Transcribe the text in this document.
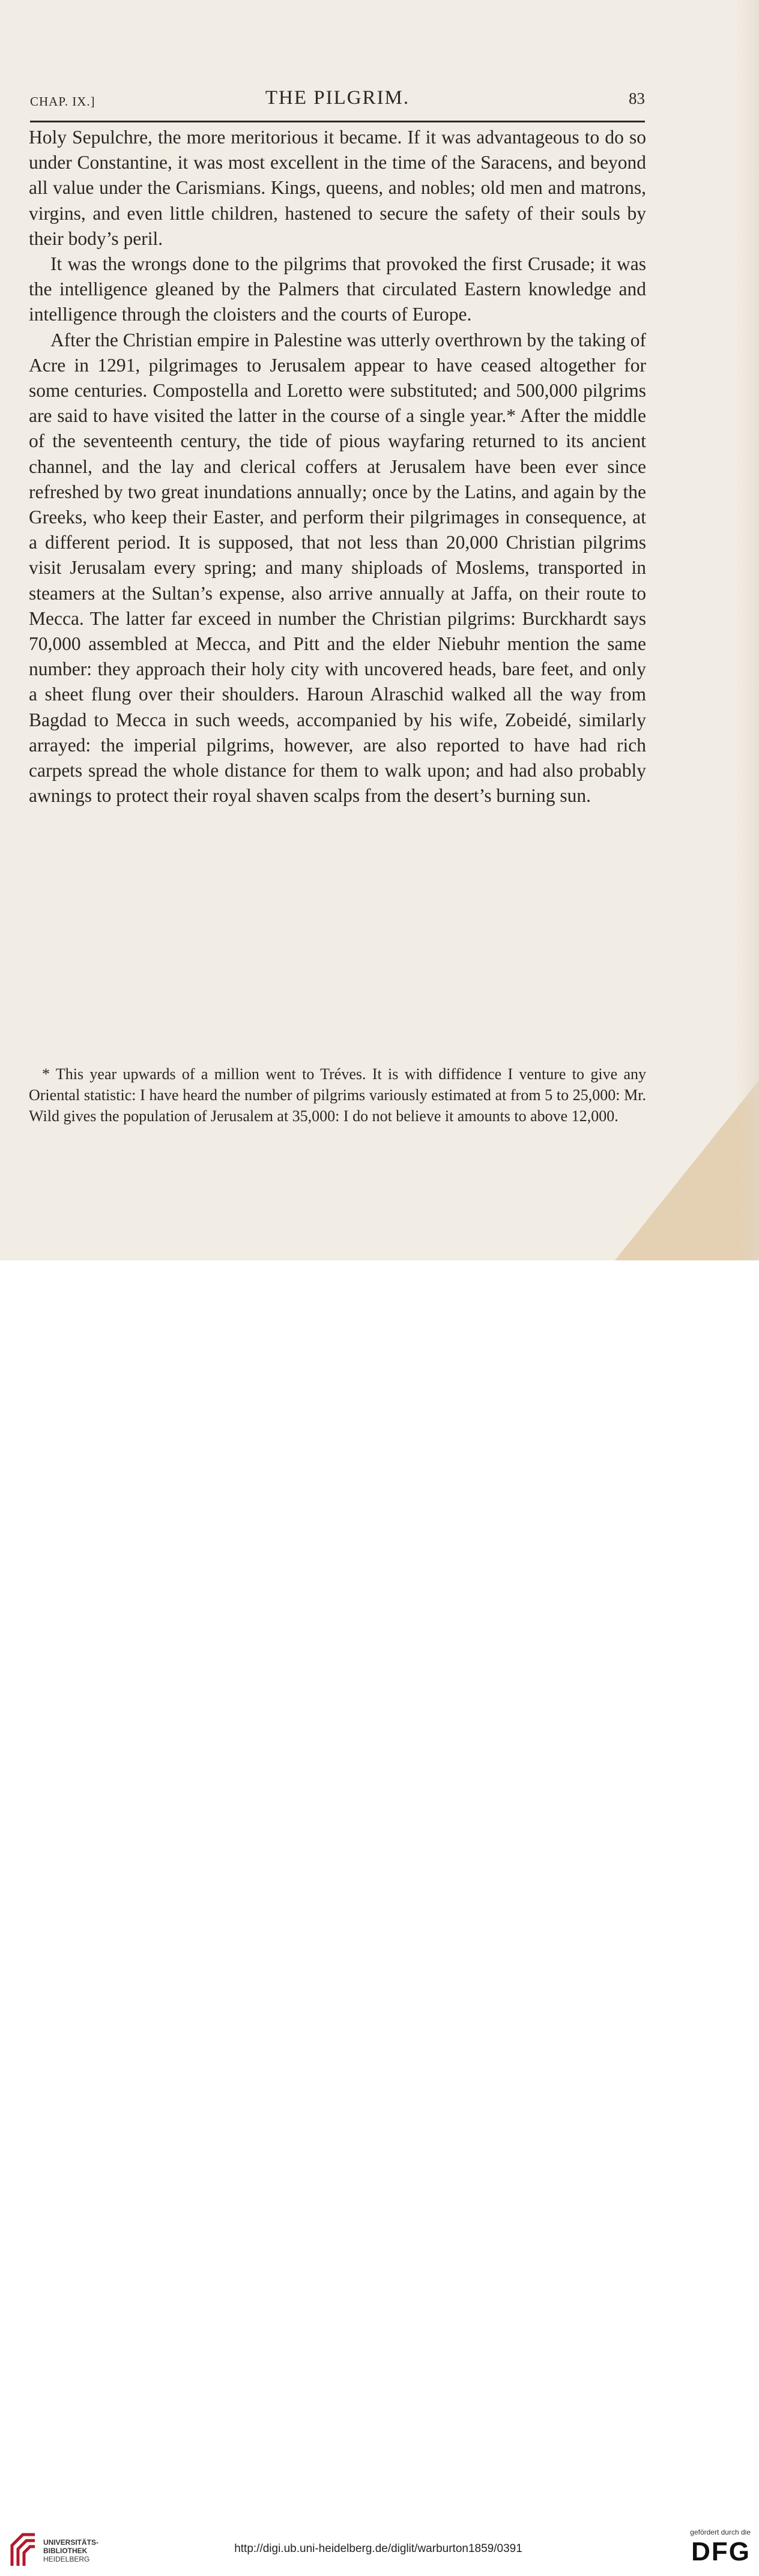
CHAP. IX.]	THE PILGRIM.	83

Holy Sepulchre, the more meritorious it became. If it was advantageous to do so under Constantine, it was most excellent in the time of the Saracens, and beyond all value under the Carismians. Kings, queens, and nobles; old men and matrons, virgins, and even little children, hastened to secure the safety of their souls by their body’s peril.

It was the wrongs done to the pilgrims that provoked the first Crusade; it was the intelligence gleaned by the Palmers that circulated Eastern knowledge and intelligence through the cloisters and the courts of Europe.

After the Christian empire in Palestine was utterly overthrown by the taking of Acre in 1291, pilgrimages to Jerusalem appear to have ceased altogether for some centuries. Compostella and Loretto were substituted; and 500,000 pilgrims are said to have visited the latter in the course of a single year.* After the middle of the seventeenth century, the tide of pious wayfaring returned to its ancient channel, and the lay and clerical coffers at Jerusalem have been ever since refreshed by two great inundations annually; once by the Latins, and again by the Greeks, who keep their Easter, and perform their pilgrimages in consequence, at a different period. It is supposed, that not less than 20,000 Christian pilgrims visit Jerusalam every spring; and many shiploads of Moslems, transported in steamers at the Sultan’s expense, also arrive annually at Jaffa, on their route to Mecca. The latter far exceed in number the Christian pilgrims: Burckhardt says 70,000 assembled at Mecca, and Pitt and the elder Niebuhr mention the same number: they approach their holy city with uncovered heads, bare feet, and only a sheet flung over their shoulders. Haroun Alraschid walked all the way from Bagdad to Mecca in such weeds, accompanied by his wife, Zobeidé, similarly arrayed: the imperial pilgrims, however, are also reported to have had rich carpets spread the whole distance for them to walk upon; and had also probably awnings to protect their royal shaven scalps from the desert’s burning sun.

* This year upwards of a million went to Tréves. It is with diffidence I venture to give any Oriental statistic: I have heard the number of pilgrims variously estimated at from 5 to 25,000: Mr. Wild gives the population of Jerusalem at 35,000: I do not believe it amounts to above 12,000.
UNIVERSITÄTS-
BIBLIOTHEK
HEIDELBERG
http://digi.ub.uni-heidelberg.de/diglit/warburton1859/0391
gefördert durch die
DFG
